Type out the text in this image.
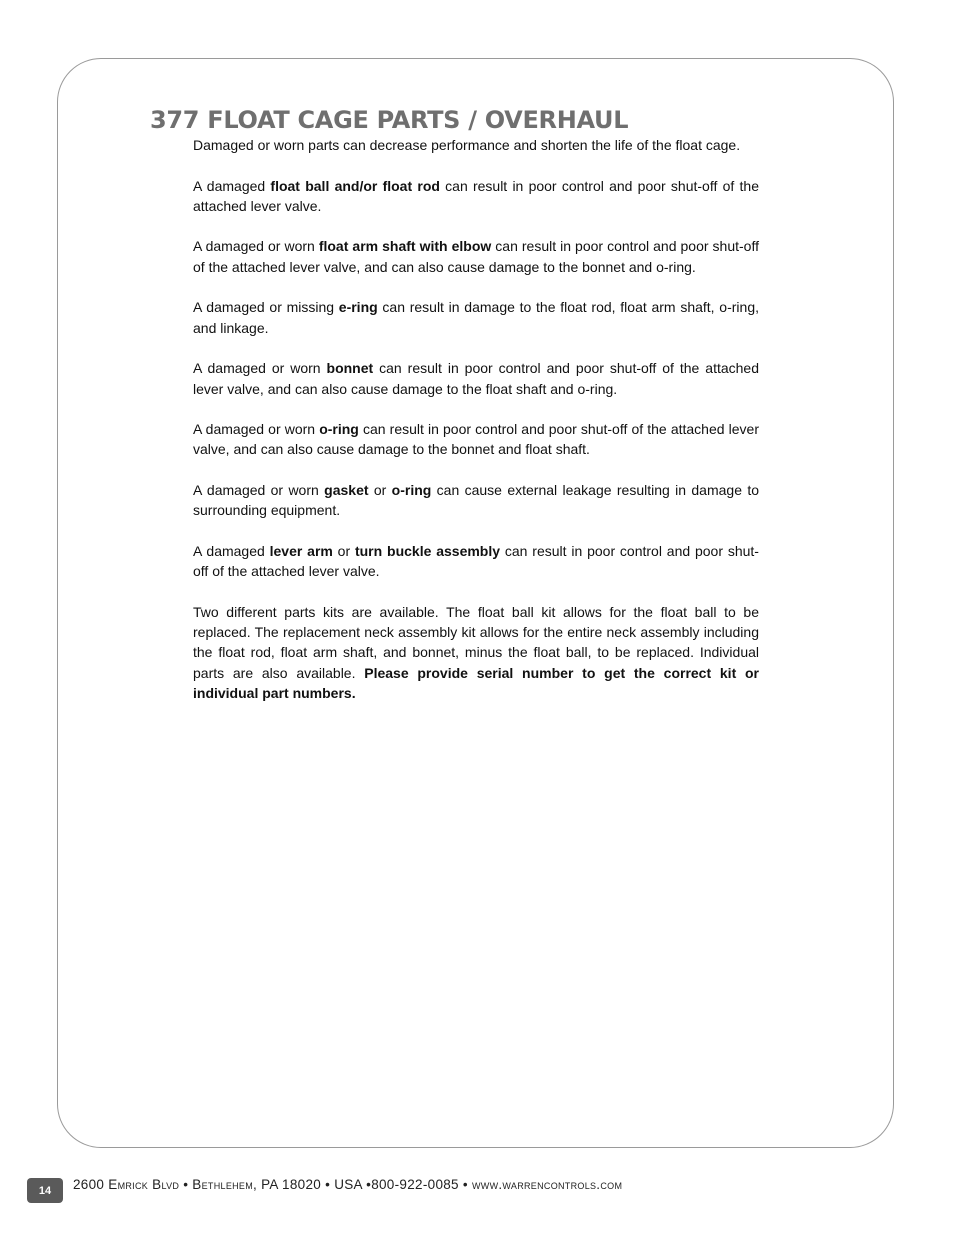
377 FLOAT CAGE PARTS / OVERHAUL

Damaged or worn parts can decrease performance and shorten the life of the float cage.

A damaged float ball and/or float rod can result in poor control and poor shut-off of the attached lever valve.

A damaged or worn float arm shaft with elbow can result in poor control and poor shut-off of the attached lever valve, and can also cause damage to the bonnet and o-ring.

A damaged or missing e-ring can result in damage to the float rod, float arm shaft, o-ring, and linkage.

A damaged or worn bonnet can result in poor control and poor shut-off of the attached lever valve, and can also cause damage to the float shaft and o-ring.

A damaged or worn o-ring can result in poor control and poor shut-off of the attached lever valve, and can also cause damage to the bonnet and float shaft.

A damaged or worn gasket or o-ring can cause external leakage resulting in damage to surrounding equipment.

A damaged lever arm or turn buckle assembly can result in poor control and poor shut-off of the attached lever valve.

Two different parts kits are available. The float ball kit allows for the float ball to be replaced. The replacement neck assembly kit allows for the entire neck assembly including the float rod, float arm shaft, and bonnet, minus the float ball, to be replaced. Individual parts are also available. Please provide serial number to get the correct kit or individual part numbers.

14 2600 Emrick Blvd • Bethlehem, PA 18020 • USA •800-922-0085 • www.warrencontrols.com
